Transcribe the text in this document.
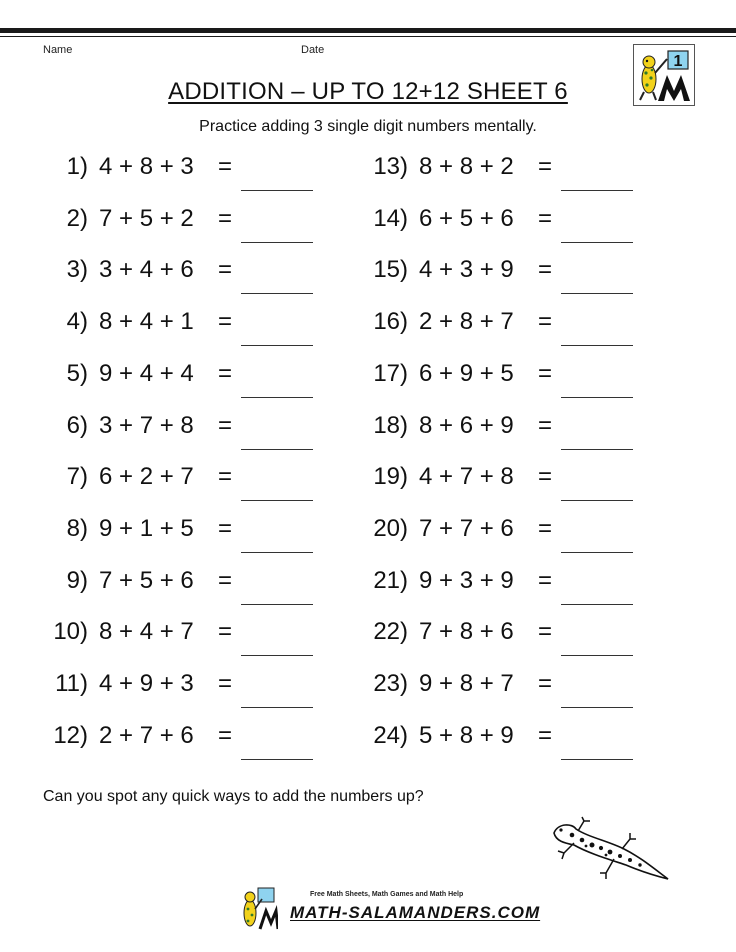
Name	Date
1
ADDITION – UP TO 12+12 SHEET 6
Practice adding 3 single digit numbers mentally.
1) 4 + 8 + 3 =
2) 7 + 5 + 2 =
3) 3 + 4 + 6 =
4) 8 + 4 + 1 =
5) 9 + 4 + 4 =
6) 3 + 7 + 8 =
7) 6 + 2 + 7 =
8) 9 + 1 + 5 =
9) 7 + 5 + 6 =
10) 8 + 4 + 7 =
11) 4 + 9 + 3 =
12) 2 + 7 + 6 =
13) 8 + 8 + 2 =
14) 6 + 5 + 6 =
15) 4 + 3 + 9 =
16) 2 + 8 + 7 =
17) 6 + 9 + 5 =
18) 8 + 6 + 9 =
19) 4 + 7 + 8 =
20) 7 + 7 + 6 =
21) 9 + 3 + 9 =
22) 7 + 8 + 6 =
23) 9 + 8 + 7 =
24) 5 + 8 + 9 =
Can you spot any quick ways to add the numbers up?
Free Math Sheets, Math Games and Math Help
MATH-SALAMANDERS.COM
